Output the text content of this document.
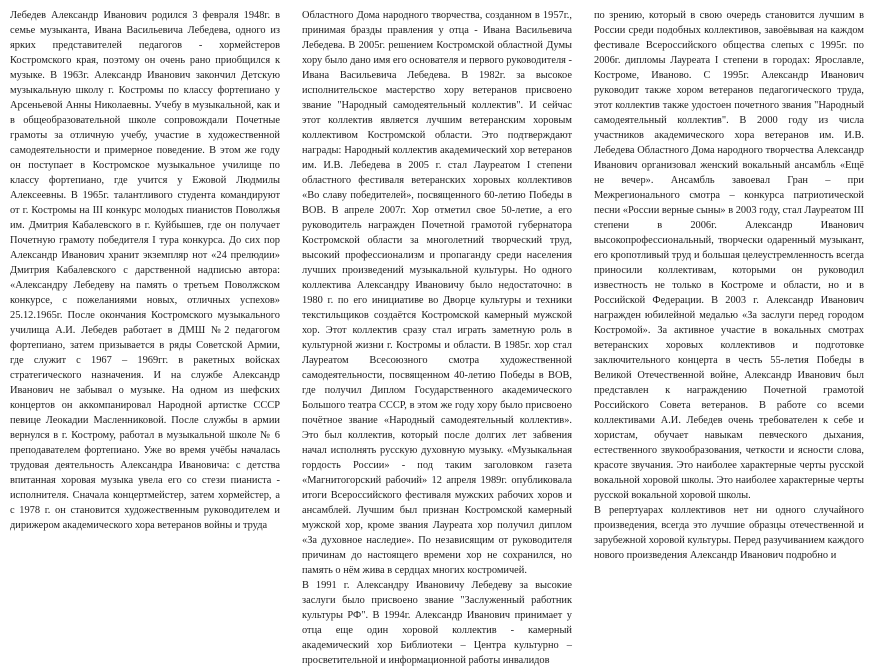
Лебедев Александр Иванович родился 3 февраля 1948г. в семье музыканта, Ивана Васильевича Лебедева, одного из ярких представителей педагогов - хормейстеров Костромского края, поэтому он очень рано приобщился к музыке. В 1963г. Александр Иванович закончил Детскую музыкальную школу г. Костромы по классу фортепиано у Арсеньевой Анны Николаевны. Учебу в музыкальной, как и в общеобразовательной школе сопровождали Почетные грамоты за отличную учебу, участие в художественной самодеятельности и примерное поведение. В этом же году он поступает в Костромское музыкальное училище по классу фортепиано, где учится у Ежовой Людмилы Алексеевны. В 1965г. талантливого студента командируют от г. Костромы на III конкурс молодых пианистов Поволжья им. Дмитрия Кабалевского в г. Куйбышев, где он получает Почетную грамоту победителя I тура конкурса. До сих пор Александр Иванович хранит экземпляр нот «24 прелюдии» Дмитрия Кабалевского с дарственной надписью автора: «Александру Лебедеву на память о третьем Поволжском конкурсе, с пожеланиями новых, отличных успехов» 25.12.1965г. После окончания Костромского музыкального училища А.И. Лебедев работает в ДМШ №2 педагогом фортепиано, затем призывается в ряды Советской Армии, где служит с 1967 – 1969гг. в ракетных войсках стратегического назначения. И на службе Александр Иванович не забывал о музыке. На одном из шефских концертов он аккомпанировал Народной артистке СССР певице Леокадии Масленниковой. После службы в армии вернулся в г. Кострому, работал в музыкальной школе № 6 преподавателем фортепиано. Уже во время учёбы началась трудовая деятельность Александра Ивановича: с детства впитанная хоровая музыка увела его со стези пианиста - исполнителя. Сначала концертмейстер, затем хормейстер, а с 1978 г. он становится художественным руководителем и дирижером академического хора ветеранов войны и труда

Областного Дома народного творчества, созданном в 1957г., принимая бразды правления у отца - Ивана Васильевича Лебедева. В 2005г. решением Костромской областной Думы хору было дано имя его основателя и первого руководителя - Ивана Васильевича Лебедева. В 1982г. за высокое исполнительское мастерство хору ветеранов присвоено звание "Народный самодеятельный коллектив". И сейчас этот коллектив является лучшим ветеранским хоровым коллективом Костромской области. Это подтверждают награды: Народный коллектив академический хор ветеранов им. И.В. Лебедева в 2005 г. стал Лауреатом I степени областного фестиваля ветеранских хоровых коллективов «Во славу победителей», посвященного 60-летию Победы в ВОВ. В апреле 2007г. Хор отметил свое 50-летие, а его руководитель награжден Почетной грамотой губернатора Костромской области за многолетний творческий труд, высокий профессионализм и пропаганду среди населения лучших произведений музыкальной культуры. Но одного коллектива Александру Ивановичу было недостаточно: в 1980 г. по его инициативе во Дворце культуры и техники текстильщиков создаётся Костромской камерный мужской хор. Этот коллектив сразу стал играть заметную роль в культурной жизни г. Костромы и области. В 1985г. хор стал Лауреатом Всесоюзного смотра художественной самодеятельности, посвященном 40-летию Победы в ВОВ, где получил Диплом Государственного академического Большого театра СССР, в этом же году хору было присвоено почётное звание «Народный самодеятельный коллектив». Это был коллектив, который после долгих лет забвения начал исполнять русскую духовную музыку. «Музыкальная гордость России» - под таким заголовком газета «Магнитогорский рабочий» 12 апреля 1989г. опубликовала итоги Всероссийского фестиваля мужских рабочих хоров и ансамблей. Лучшим был признан Костромской камерный мужской хор, кроме звания Лауреата хор получил диплом «За духовное наследие». По независящим от руководителя причинам до настоящего времени хор не сохранился, но память о нём жива в сердцах многих костромичей.

В 1991 г. Александру Ивановичу Лебедеву за высокие заслуги было присвоено звание "Заслуженный работник культуры РФ". В 1994г. Александр Иванович принимает у отца еще один хоровой коллектив - камерный академический хор Библиотеки – Центра культурно – просветительной и информационной работы инвалидов

по зрению, который в свою очередь становится лучшим в России среди подобных коллективов, завоёвывая на каждом фестивале Всероссийского общества слепых с 1995г. по 2006г. дипломы Лауреата I степени в городах: Ярославле, Костроме, Иваново. С 1995г. Александр Иванович руководит также хором ветеранов педагогического труда, этот коллектив также удостоен почетного звания "Народный самодеятельный коллектив". В 2000 году из числа участников академического хора ветеранов им. И.В. Лебедева Областного Дома народного творчества Александр Иванович организовал женский вокальный ансамбль «Ещё не вечер». Ансамбль завоевал Гран – при Межрегионального смотра – конкурса патриотической песни «России верные сыны» в 2003 году, стал Лауреатом III степени в 2006г. Александр Иванович высокопрофессиональный, творчески одаренный музыкант, его кропотливый труд и большая целеустремленность всегда приносили коллективам, которыми он руководил известность не только в Костроме и области, но и в Российской Федерации. В 2003 г. Александр Иванович награжден юбилейной медалью «За заслуги перед городом Костромой». За активное участие в вокальных смотрах ветеранских хоровых коллективов и подготовке заключительного концерта в честь 55-летия Победы в Великой Отечественной войне, Александр Иванович был представлен к награждению Почетной грамотой Российского Совета ветеранов. В работе со всеми коллективами А.И. Лебедев очень требователен к себе и хористам, обучает навыкам певческого дыхания, естественного звукообразования, четкости и ясности слова, красоте звучания. Это наиболее характерные черты русской вокальной хоровой школы. Это наиболее характерные черты русской вокальной хоровой школы.

В репертуарах коллективов нет ни одного случайного произведения, всегда это лучшие образцы отечественной и зарубежной хоровой культуры. Перед разучиванием каждого нового произведения Александр Иванович подробно и
